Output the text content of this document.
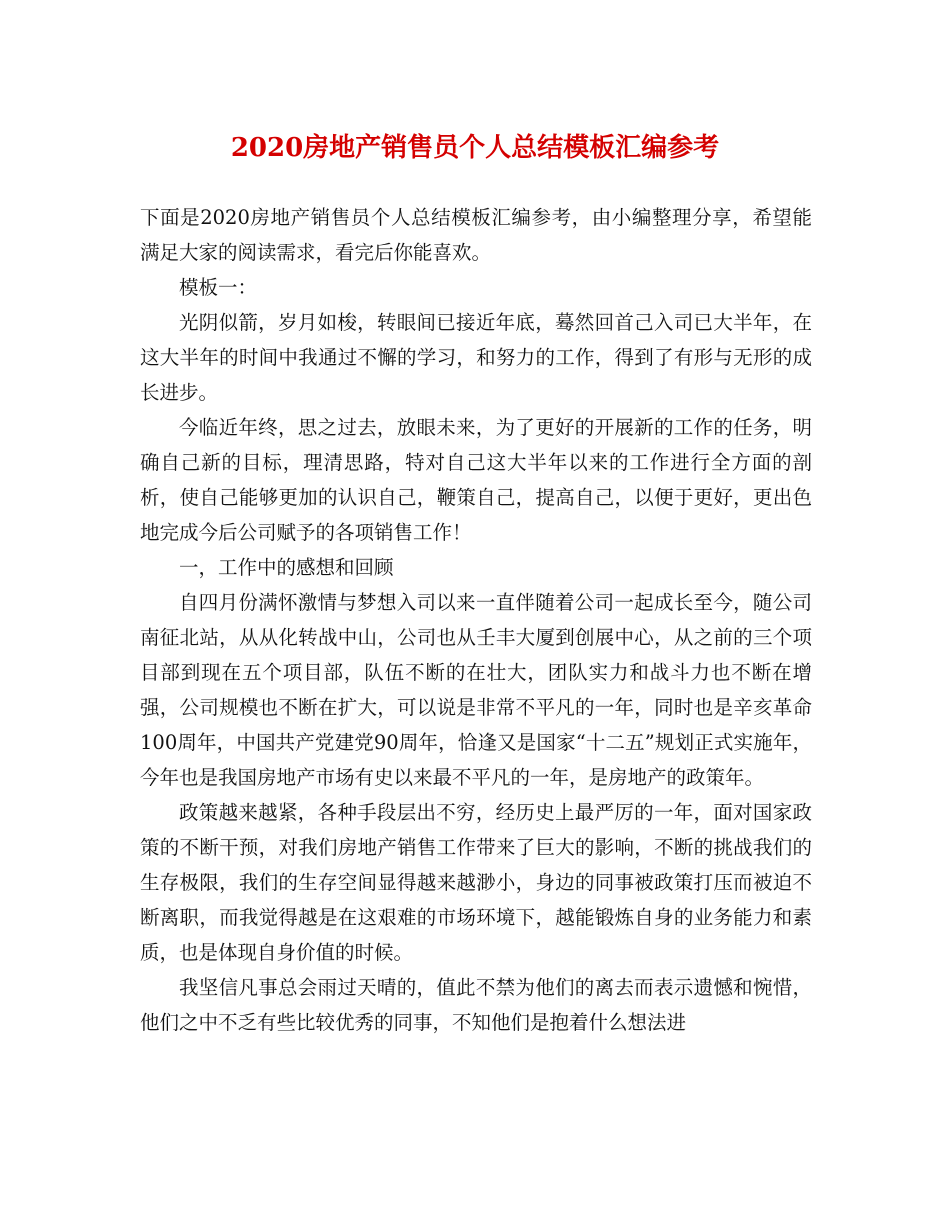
2020房地产销售员个人总结模板汇编参考

下面是2020房地产销售员个人总结模板汇编参考，由小编整理分享，希望能满足大家的阅读需求，看完后你能喜欢。

模板一：

光阴似箭，岁月如梭，转眼间已接近年底，蓦然回首己入司已大半年，在这大半年的时间中我通过不懈的学习，和努力的工作，得到了有形与无形的成长进步。

今临近年终，思之过去，放眼未来，为了更好的开展新的工作的任务，明确自己新的目标，理清思路，特对自己这大半年以来的工作进行全方面的剖析，使自己能够更加的认识自己，鞭策自己，提高自己，以便于更好，更出色地完成今后公司赋予的各项销售工作！

一，工作中的感想和回顾

自四月份满怀激情与梦想入司以来一直伴随着公司一起成长至今，随公司南征北站，从从化转战中山，公司也从壬丰大厦到创展中心，从之前的三个项目部到现在五个项目部，队伍不断的在壮大，团队实力和战斗力也不断在增强，公司规模也不断在扩大，可以说是非常不平凡的一年，同时也是辛亥革命100周年，中国共产党建党90周年，恰逢又是国家“十二五”规划正式实施年，今年也是我国房地产市场有史以来最不平凡的一年，是房地产的政策年。

政策越来越紧，各种手段层出不穷，经历史上最严厉的一年，面对国家政策的不断干预，对我们房地产销售工作带来了巨大的影响，不断的挑战我们的生存极限，我们的生存空间显得越来越渺小，身边的同事被政策打压而被迫不断离职，而我觉得越是在这艰难的市场环境下，越能锻炼自身的业务能力和素质，也是体现自身价值的时候。

我坚信凡事总会雨过天晴的，值此不禁为他们的离去而表示遗憾和惋惜，他们之中不乏有些比较优秀的同事，不知他们是抱着什么想法进
